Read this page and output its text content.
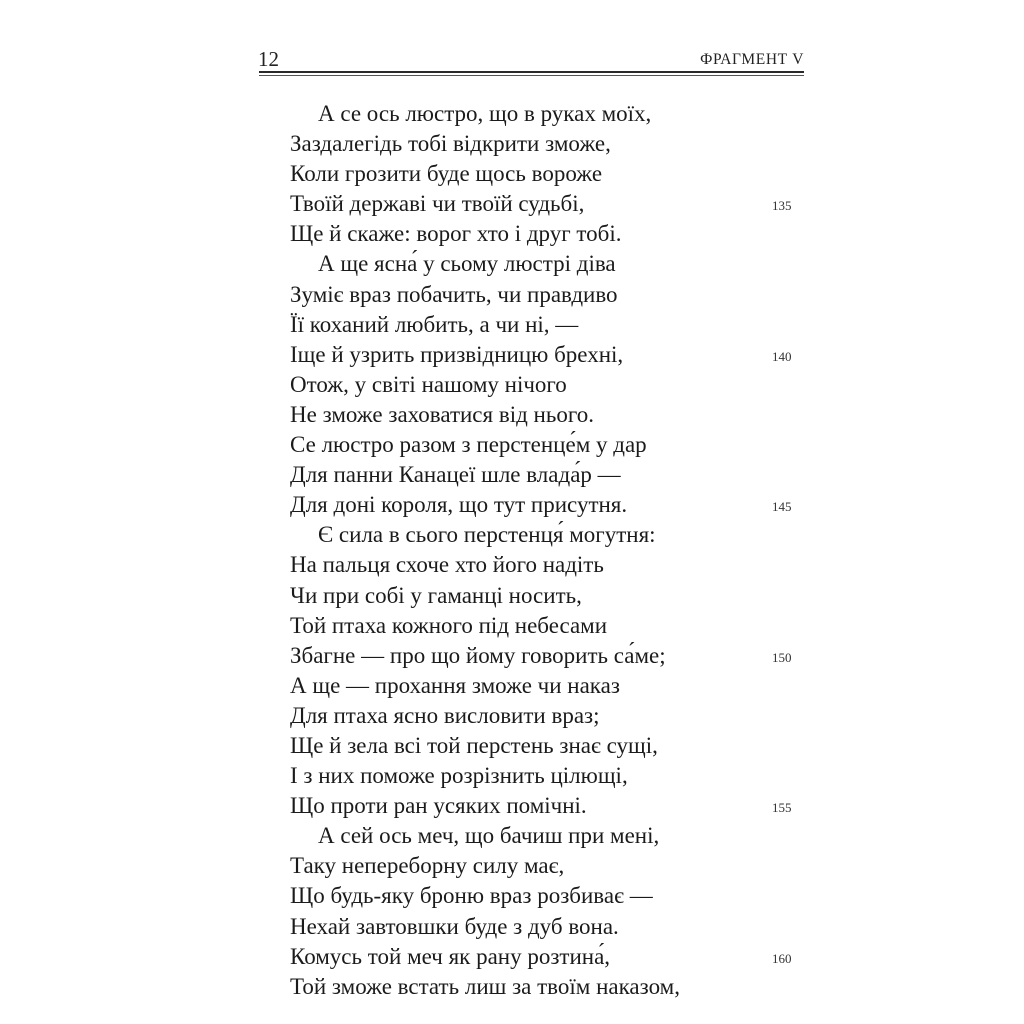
12	ФРАГМЕНТ V
А се ось люстро, що в руках моїх,
Заздалегідь тобі відкрити зможе,
Коли грозити буде щось вороже
Твоїй державі чи твоїй судьбі,	135
Ще й скаже: ворог хто і друг тобі.
А ще ясна́ у сьому люстрі діва
Зуміє враз побачить, чи правдиво
Її коханий любить, а чи ні, —
Іще й узрить призвідницю брехні,	140
Отож, у світі нашому нічого
Не зможе заховатися від нього.
Се люстро разом з перстенце́м у дар
Для панни Канацеї шле влада́р —
Для доні короля, що тут присутня.	145
Є сила в сього перстенця́ могутня:
На пальця схоче хто його надіть
Чи при собі у гаманці носить,
Той птаха кожного під небесами
Збагне — про що йому говорить са́ме;	150
А ще — прохання зможе чи наказ
Для птаха ясно висловити враз;
Ще й зела всі той перстень знає сущі,
І з них поможе розрізнить цілющі,
Що проти ран усяких помічні.	155
А сей ось меч, що бачиш при мені,
Таку непереборну силу має,
Що будь-яку броню враз розбиває —
Нехай завтовшки буде з дуб вона.
Комусь той меч як рану розтина́,	160
Той зможе встать лиш за твоїм наказом,
